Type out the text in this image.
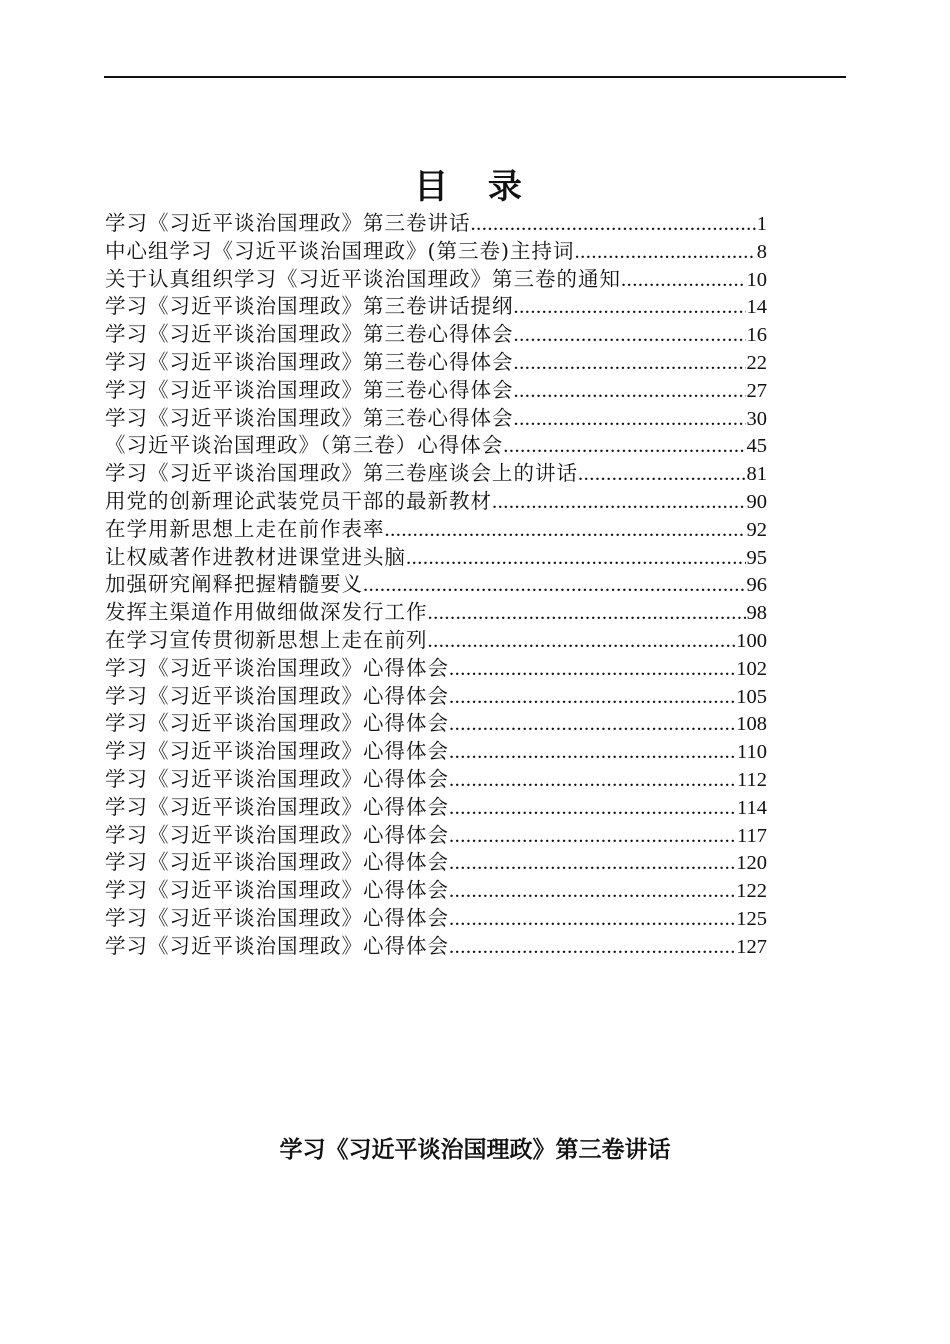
目 录
学习《习近平谈治国理政》第三卷讲话 .....	1
中心组学习《习近平谈治国理政》(第三卷)主持词 .....	8
关于认真组织学习《习近平谈治国理政》第三卷的通知 .....	10
学习《习近平谈治国理政》第三卷讲话提纲 .....	14
学习《习近平谈治国理政》第三卷心得体会 .....	16
学习《习近平谈治国理政》第三卷心得体会 .....	22
学习《习近平谈治国理政》第三卷心得体会 .....	27
学习《习近平谈治国理政》第三卷心得体会 .....	30
《习近平谈治国理政》（第三卷）心得体会 .....	45
学习《习近平谈治国理政》第三卷座谈会上的讲话 .....	81
用党的创新理论武装党员干部的最新教材 .....	90
在学用新思想上走在前作表率 .....	92
让权威著作进教材进课堂进头脑 .....	95
加强研究阐释把握精髓要义 .....	96
发挥主渠道作用做细做深发行工作 .....	98
在学习宣传贯彻新思想上走在前列 .....	100
学习《习近平谈治国理政》心得体会 .....	102
学习《习近平谈治国理政》心得体会 .....	105
学习《习近平谈治国理政》心得体会 .....	108
学习《习近平谈治国理政》心得体会 .....	110
学习《习近平谈治国理政》心得体会 .....	112
学习《习近平谈治国理政》心得体会 .....	114
学习《习近平谈治国理政》心得体会 .....	117
学习《习近平谈治国理政》心得体会 .....	120
学习《习近平谈治国理政》心得体会 .....	122
学习《习近平谈治国理政》心得体会 .....	125
学习《习近平谈治国理政》心得体会 .....	127
学习《习近平谈治国理政》第三卷讲话
